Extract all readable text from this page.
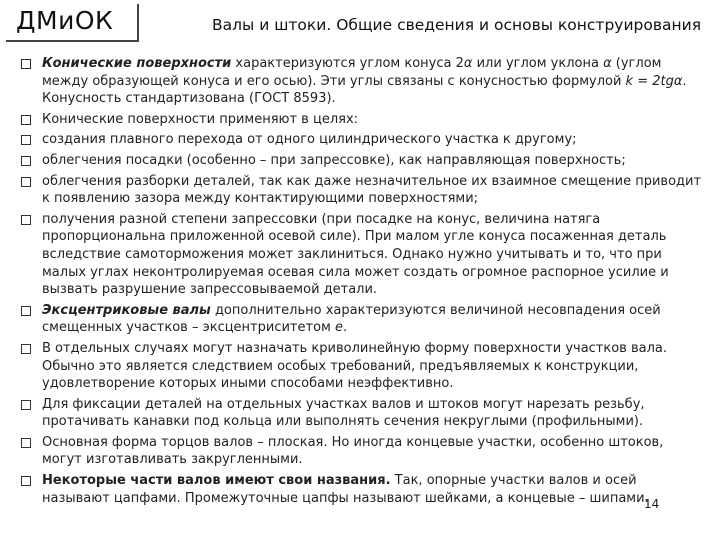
ДМиОК	Валы и штоки. Общие сведения и основы конструирования

Конические поверхности характеризуются углом конуса 2α или углом уклона α (углом между образующей конуса и его осью). Эти углы связаны с конусностью формулой k = 2tgα. Конусность стандартизована (ГОСТ 8593).

Конические поверхности применяют в целях:

создания плавного перехода от одного цилиндрического участка к другому;

облегчения посадки (особенно – при запрессовке), как направляющая поверхность;

облегчения разборки деталей, так как даже незначительное их взаимное смещение приводит к появлению зазора между контактирующими поверхностями;

получения разной степени запрессовки (при посадке на конус, величина натяга пропорциональна приложенной осевой силе). При малом угле конуса посаженная деталь вследствие самоторможения может заклиниться. Однако нужно учитывать и то, что при малых углах неконтролируемая осевая сила может создать огромное распорное усилие и вызвать разрушение запрессовываемой детали.

Эксцентриковые валы дополнительно характеризуются величиной несовпадения осей смещенных участков – эксцентриситетом е.

В отдельных случаях могут назначать криволинейную форму поверхности участков вала. Обычно это является следствием особых требований, предъявляемых к конструкции, удовлетворение которых иными способами неэффективно.

Для фиксации деталей на отдельных участках валов и штоков могут нарезать резьбу, протачивать канавки под кольца или выполнять сечения некруглыми (профильными).

Основная форма торцов валов – плоская. Но иногда концевые участки, особенно штоков, могут изготавливать закругленными.

Некоторые части валов имеют свои названия. Так, опорные участки валов и осей называют цапфами. Промежуточные цапфы называют шейками, а концевые – шипами.

14
